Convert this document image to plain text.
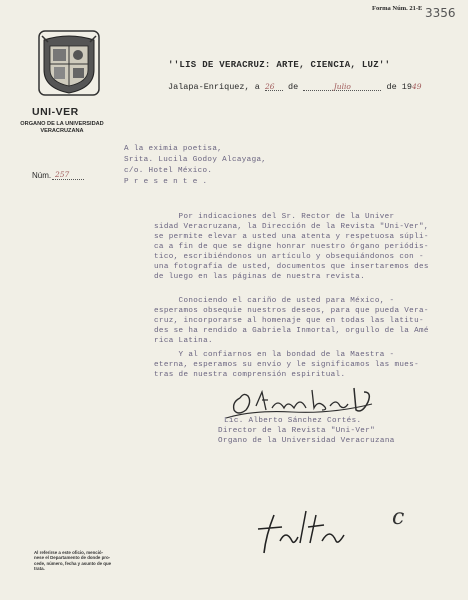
UNI-VER
ORGANO DE LA UNIVERSIDAD
VERACRUZANA
Forma Núm. 21-E 3356
''LIS DE VERACRUZ: ARTE, CIENCIA, LUZ''
Jalapa-Enriquez, a 26 de	Julio	de 1949
Núm. 257
A la eximia poetisa,
Srita. Lucila Godoy Alcayaga,
c/o. Hotel México.
P r e s e n t e .
Por indicaciones del Sr. Rector de la Univer
sidad Veracruzana, la Dirección de la Revista "Uni-Ver",
se permite elevar a usted una atenta y respetuosa súpli-
ca a fin de que se digne honrar nuestro órgano periódis-
tico, escribiéndonos un artículo y obsequiándonos con -
una fotografía de usted, documentos que insertaremos des
de luego en las páginas de nuestra revista.
Conociendo el cariño de usted para México, -
esperamos obsequie nuestros deseos, para que pueda Vera-
cruz, incorporarse al homenaje que en todas las latitu-
des se ha rendido a Gabriela Inmortal, orgullo de la Amé
rica Latina.
Y al confiarnos en la bondad de la Maestra -
eterna, esperamos su envío y le significamos las mues-
tras de nuestra comprensión espiritual.
Lic. Alberto Sánchez Cortés.
Director de la Revista "Uni-Ver"
Organo de la Universidad Veracruzana
c
Al referirse a este oficio, menció-
nese el Departamento de donde pro-
cede, número, fecha y asunto de que
trata.
